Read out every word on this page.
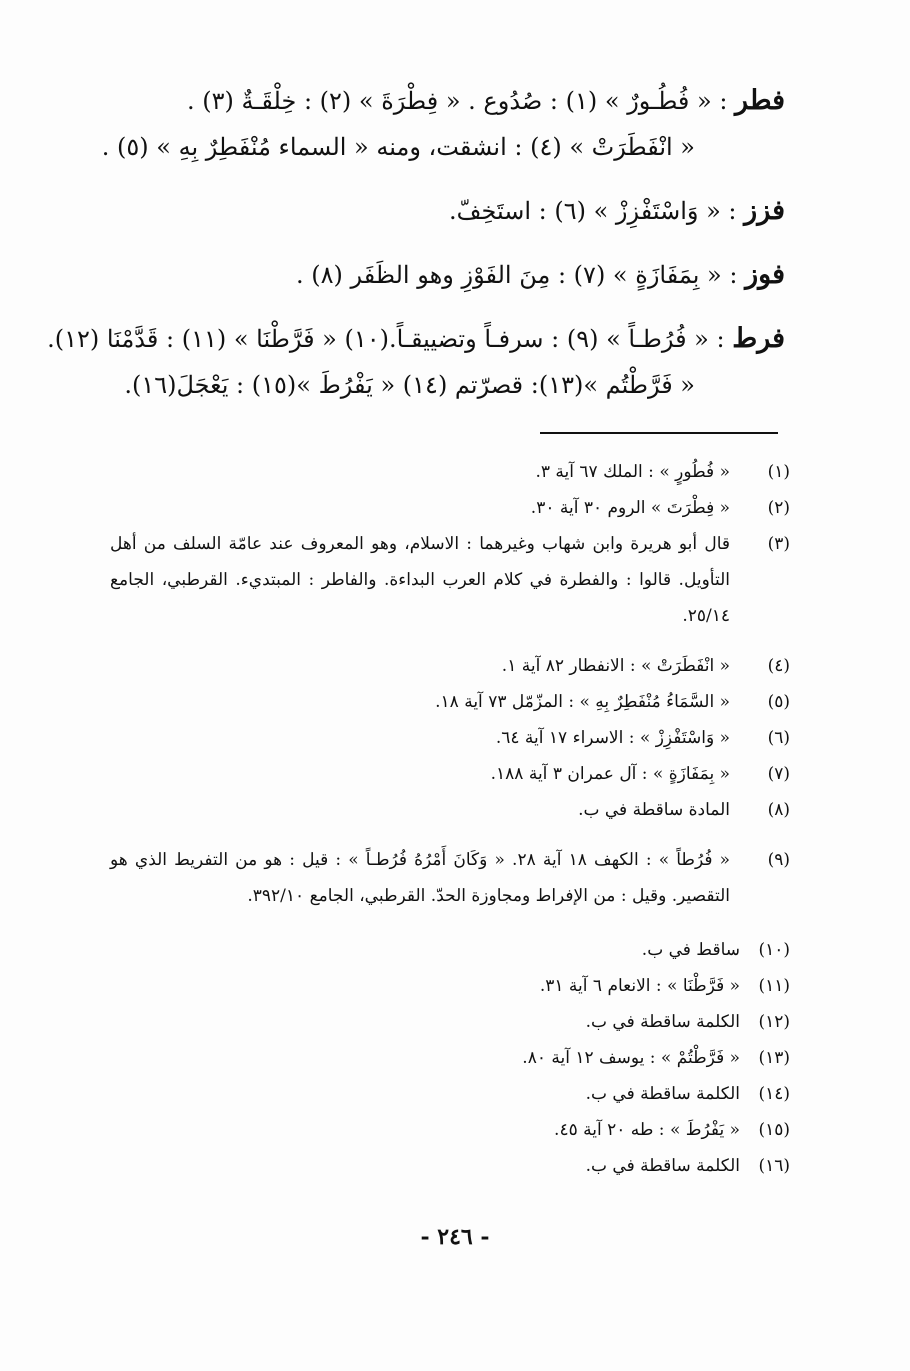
فطر : « فُطُـورٌ » (١) : صُدُوع . « فِطْرَةَ » (٢) : خِلْقَـةٌ (٣) .
« انْفَطَرَتْ » (٤) : انشقت، ومنه « السماء مُنْفَطِرٌ بِهِ » (٥) .
فزز : « وَاسْتَفْزِزْ » (٦) : استَخِفّ.
فوز : « بِمَفَازَةٍ » (٧) : مِنَ الفَوْزِ وهو الظَفَر (٨) .
فرط : « فُرُطـاً » (٩) : سرفـاً وتضييقـاً.(١٠) « فَرَّطْنَا » (١١) : قَدَّمْنَا (١٢).
« فَرَّطْتُم »(١٣): قصرّتم (١٤) « يَفْرُطَ »(١٥) : يَعْجَلَ(١٦).
(١)
« فُطُورٍ » : الملك ٦٧ آية ٣.
(٢)
« فِطْرَتَ » الروم ٣٠ آية ٣٠.
(٣)
قال أبو هريرة وابن شهاب وغيرهما : الاسلام، وهو المعروف عند عامّة السلف من أهل التأويل. قالوا : والفطرة في كلام العرب البداءة. والفاطر : المبتديء. القرطبي، الجامع ٢٥/١٤.
(٤)
« انْفَطَرَتْ » : الانفطار ٨٢ آية ١.
(٥)
« السَّمَاءُ مُنْفَطِرٌ بِهِ » : المزّمّل ٧٣ آية ١٨.
(٦)
« وَاسْتَفْزِزْ » : الاسراء ١٧ آية ٦٤.
(٧)
« بِمَفَازَةٍ » : آل عمران ٣ آية ١٨٨.
(٨)
المادة ساقطة في ب.
(٩)
« فُرُطاً » : الكهف ١٨ آية ٢٨. « وَكَانَ أَمْرُهُ فُرُطـاً » : قيل : هو من التفريط الذي هو التقصير. وقيل : من الإفراط ومجاوزة الحدّ. القرطبي، الجامع ٣٩٢/١٠.
(١٠)
ساقط في ب.
(١١)
« فَرَّطْنَا » : الانعام ٦ آية ٣١.
(١٢)
الكلمة ساقطة في ب.
(١٣)
« فَرَّطْتُمْ » : يوسف ١٢ آية ٨٠.
(١٤)
الكلمة ساقطة في ب.
(١٥)
« يَفْرُطَ » : طه ٢٠ آية ٤٥.
(١٦)
الكلمة ساقطة في ب.
- ٢٤٦ -
